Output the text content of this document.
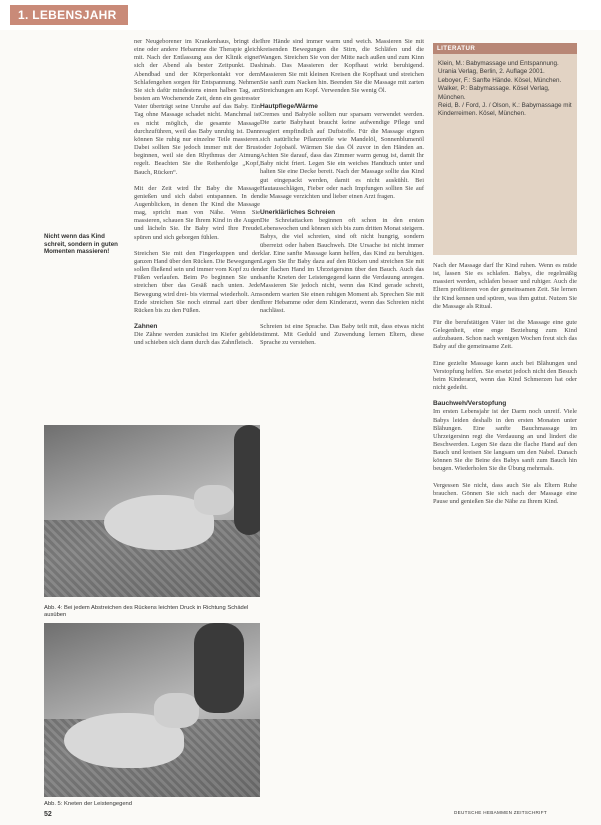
1. LEBENSJAHR

ner Neugeborener im Krankenhaus, bringt die eine oder andere Hebamme die Therapie gleich mit. Nach der Entlassung aus der Klinik eignet sich der Abend als bester Zeitpunkt. Das Abendbad und der Körperkontakt vor dem Schlafengehen sorgen für Entspannung. Nehmen Sie sich dafür mindestens einen halben Tag, am besten am Wochenende Zeit, denn ein gestresster Vater überträgt seine Unruhe auf das Baby. Ein Tag ohne Massage schadet nicht. Manchmal ist es nicht möglich, die gesamte Massage durchzuführen, weil das Baby unruhig ist. Dann können Sie ruhig nur einzelne Teile massieren. Dabei sollten Sie jedoch immer mit der Brust beginnen, weil sie den Rhythmus der Atmung regelt. Beachten Sie die Reihenfolge „Kopf, Bauch, Rücken“.

Mit der Zeit wird Ihr Baby die Massage genießen und sich dabei entspannen. In den Augenblicken, in denen Ihr Kind die Massage mag, spricht man von Nähe. Wenn Sie massieren, schauen Sie Ihrem Kind in die Augen und lächeln Sie. Ihr Baby wird Ihre Freude spüren und sich geborgen fühlen.

Streichen Sie mit den Fingerkuppen und der ganzen Hand über den Rücken. Die Bewegungen sollen fließend sein und immer vom Kopf zu den Füßen verlaufen. Beim Po beginnen Sie und streichen über das Gesäß nach unten. Jede Bewegung wird drei- bis viermal wiederholt. Am Ende streichen Sie noch einmal zart über den Rücken bis zu den Füßen.

Zahnen

Die Zähne werden zunächst im Kiefer gebildet und schieben sich dann durch das Zahnfleisch.

Nicht wenn das Kind schreit, sondern in guten Momenten massieren!
Abb. 4: Bei jedem Abstreichen des Rückens leichten Druck in Richtung Schädel ausüben
Abb. 5: Kneten der Leistengegend

Ihre Hände sind immer warm und weich. Massieren Sie mit kreisenden Bewegungen die Stirn, die Schläfen und die Wangen. Streichen Sie von der Mitte nach außen und zum Kinn hinab. Das Massieren der Kopfhaut wirkt beruhigend. Massieren Sie mit kleinen Kreisen die Kopfhaut und streichen Sie sanft zum Nacken hin. Beenden Sie die Massage mit zarten Streichungen am Kopf. Verwenden Sie wenig Öl.

Hautpflege/Wärme

Cremes und Babyöle sollten nur sparsam verwendet werden. Die zarte Babyhaut braucht keine aufwendige Pflege und reagiert empfindlich auf Duftstoffe. Für die Massage eignen sich natürliche Pflanzenöle wie Mandelöl, Sonnenblumenöl oder Jojobaöl. Wärmen Sie das Öl zuvor in den Händen an. Achten Sie darauf, dass das Zimmer warm genug ist, damit Ihr Baby nicht friert. Legen Sie ein weiches Handtuch unter und halten Sie eine Decke bereit. Nach der Massage sollte das Kind gut eingepackt werden, damit es nicht auskühlt. Bei Hautausschlägen, Fieber oder nach Impfungen sollten Sie auf die Massage verzichten und lieber einen Arzt fragen.

Unerklärliches Schreien

Die Schreiattacken beginnen oft schon in den ersten Lebenswochen und können sich bis zum dritten Monat steigern. Babys, die viel schreien, sind oft nicht hungrig, sondern überreizt oder haben Bauchweh. Die Ursache ist nicht immer klar. Eine sanfte Massage kann helfen, das Kind zu beruhigen. Legen Sie Ihr Baby dazu auf den Rücken und streichen Sie mit der flachen Hand im Uhrzeigersinn über den Bauch. Auch das sanfte Kneten der Leistengegend kann die Verdauung anregen. Massieren Sie jedoch nicht, wenn das Kind gerade schreit, sondern warten Sie einen ruhigen Moment ab. Sprechen Sie mit Ihrer Hebamme oder dem Kinderarzt, wenn das Schreien nicht nachlässt.

Schreien ist eine Sprache. Das Baby teilt mit, dass etwas nicht stimmt. Mit Geduld und Zuwendung lernen Eltern, diese Sprache zu verstehen.

LITERATUR

Klein, M.: Babymassage und Entspannung. Urania Verlag, Berlin, 2. Auflage 2001.

Leboyer, F.: Sanfte Hände. Kösel, München.

Walker, P.: Babymassage. Kösel Verlag, München.

Reid, B. / Ford, J. / Olson, K.: Babymassage mit Kinderreimen. Kösel, München.

Nach der Massage darf Ihr Kind ruhen. Wenn es müde ist, lassen Sie es schlafen. Babys, die regelmäßig massiert werden, schlafen besser und ruhiger. Auch die Eltern profitieren von der gemeinsamen Zeit. Sie lernen ihr Kind kennen und spüren, was ihm guttut. Nutzen Sie die Massage als Ritual.

Für die berufstätigen Väter ist die Massage eine gute Gelegenheit, eine enge Beziehung zum Kind aufzubauen. Schon nach wenigen Wochen freut sich das Baby auf die gemeinsame Zeit.

Eine gezielte Massage kann auch bei Blähungen und Verstopfung helfen. Sie ersetzt jedoch nicht den Besuch beim Kinderarzt, wenn das Kind Schmerzen hat oder nicht gedeiht.

Bauchweh/Verstopfung

Im ersten Lebensjahr ist der Darm noch unreif. Viele Babys leiden deshalb in den ersten Monaten unter Blähungen. Eine sanfte Bauchmassage im Uhrzeigersinn regt die Verdauung an und lindert die Beschwerden. Legen Sie dazu die flache Hand auf den Bauch und kreisen Sie langsam um den Nabel. Danach können Sie die Beine des Babys sanft zum Bauch hin beugen. Wiederholen Sie die Übung mehrmals.

Vergessen Sie nicht, dass auch Sie als Eltern Ruhe brauchen. Gönnen Sie sich nach der Massage eine Pause und genießen Sie die Nähe zu Ihrem Kind.

52	DEUTSCHE HEBAMMEN ZEITSCHRIFT
